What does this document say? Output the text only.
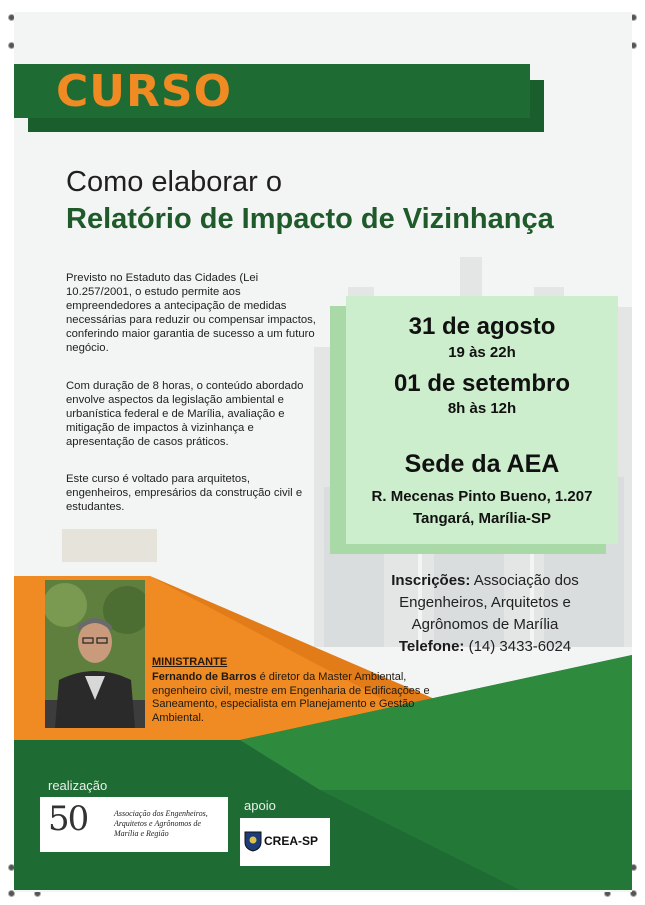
CURSO
Como elaborar o
Relatório de Impacto de Vizinhança
Previsto no Estaduto das Cidades (Lei 10.257/2001, o estudo permite aos empreendedores a antecipação de medidas necessárias para reduzir ou compensar impactos, conferindo maior garantia de sucesso a um futuro negócio.
Com duração de 8 horas, o conteúdo abordado envolve aspectos da legislação ambiental e urbanística federal e de Marília, avaliação e mitigação de impactos à vizinhança e apresentação de casos práticos.
Este curso é voltado para arquitetos, engenheiros, empresários da construção civil e estudantes.
31 de agosto
19 às 22h
01 de setembro
8h às 12h
Sede da AEA
R. Mecenas Pinto Bueno, 1.207
Tangará, Marília-SP
Inscrições: Associação dos Engenheiros, Arquitetos e Agrônomos de Marília
Telefone: (14) 3433-6024
MINISTRANTE
Fernando de Barros é diretor da Master Ambiental, engenheiro civil, mestre em Engenharia de Edificações e Saneamento, especialista em Planejamento e Gestão Ambiental.
realização
50	Associação dos Engenheiros, Arquitetos e Agrônomos de Marília e Região
apoio
CREA-SP
